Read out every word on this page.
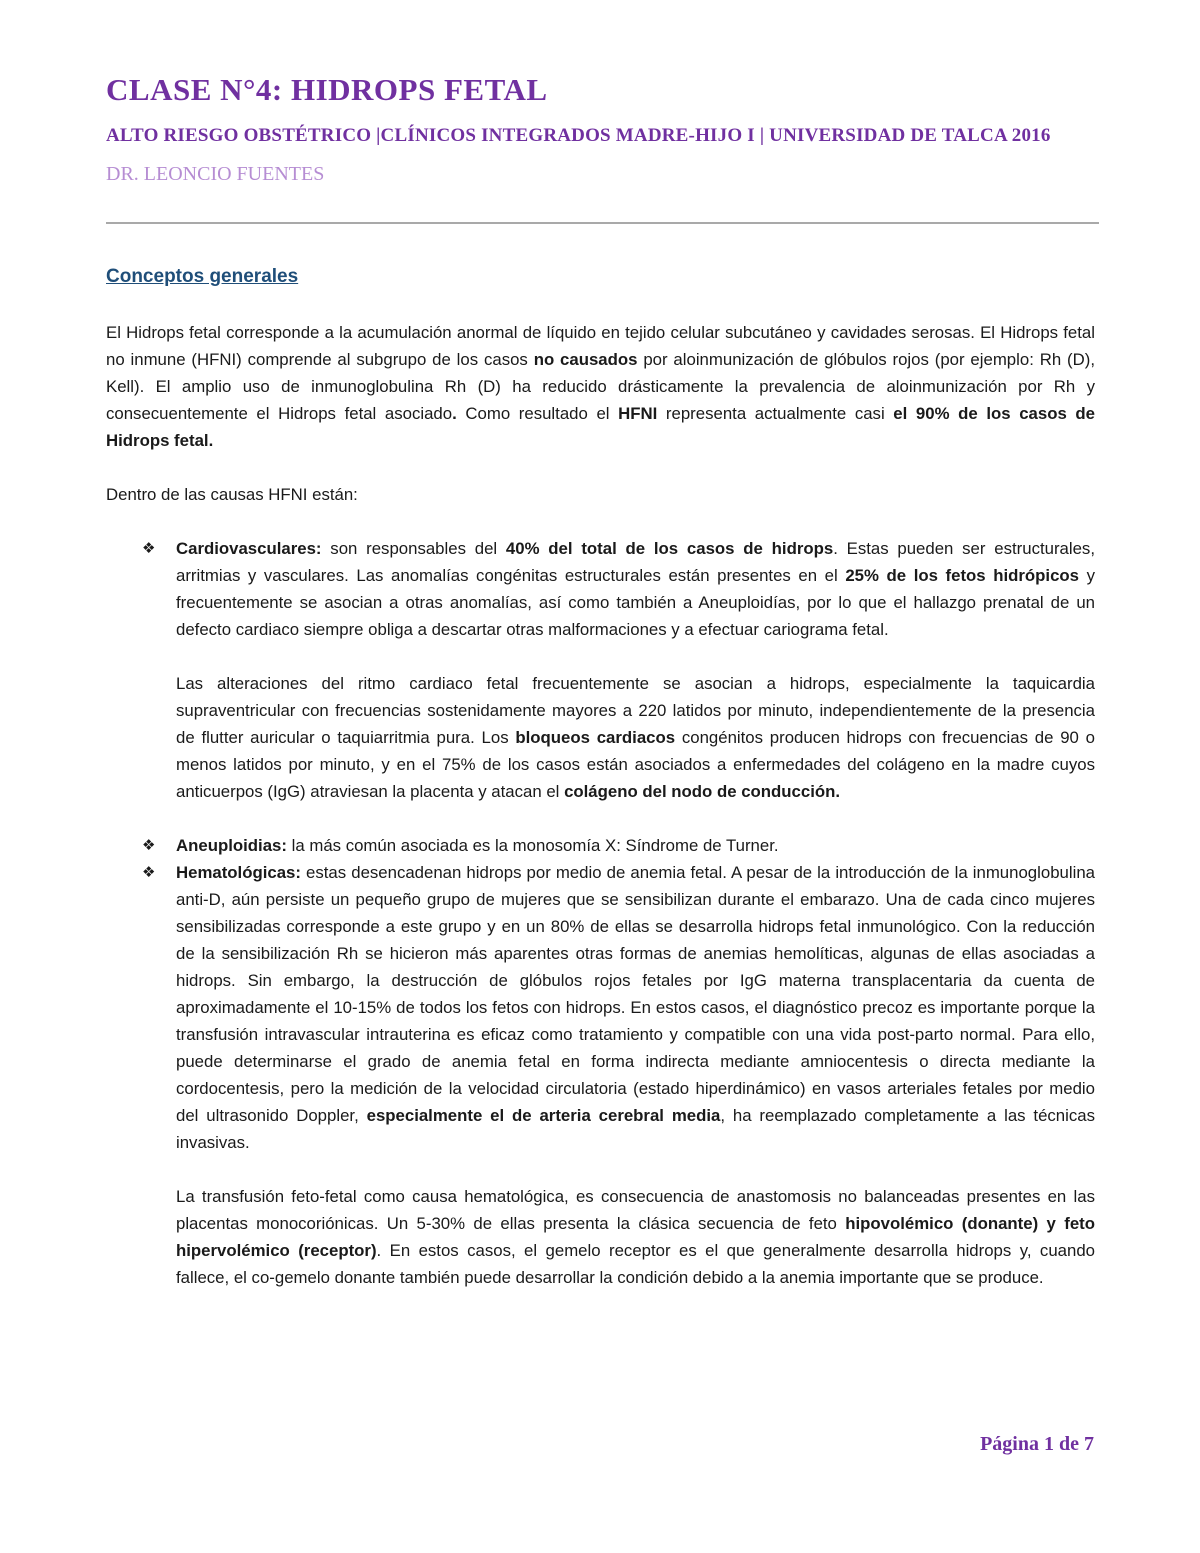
CLASE N°4: HIDROPS FETAL
ALTO RIESGO OBSTÉTRICO |CLÍNICOS INTEGRADOS MADRE-HIJO I | UNIVERSIDAD DE TALCA 2016
DR. LEONCIO FUENTES
Conceptos generales

El Hidrops fetal corresponde a la acumulación anormal de líquido en tejido celular subcutáneo y cavidades serosas. El Hidrops fetal no inmune (HFNI) comprende al subgrupo de los casos no causados por aloinmunización de glóbulos rojos (por ejemplo: Rh (D), Kell). El amplio uso de inmunoglobulina Rh (D) ha reducido drásticamente la prevalencia de aloinmunización por Rh y consecuentemente el Hidrops fetal asociado. Como resultado el HFNI representa actualmente casi el 90% de los casos de Hidrops fetal.

Dentro de las causas HFNI están:

❖ Cardiovasculares: son responsables del 40% del total de los casos de hidrops. Estas pueden ser estructurales, arritmias y vasculares. Las anomalías congénitas estructurales están presentes en el 25% de los fetos hidrópicos y frecuentemente se asocian a otras anomalías, así como también a Aneuploidías, por lo que el hallazgo prenatal de un defecto cardiaco siempre obliga a descartar otras malformaciones y a efectuar cariograma fetal.

Las alteraciones del ritmo cardiaco fetal frecuentemente se asocian a hidrops, especialmente la taquicardia supraventricular con frecuencias sostenidamente mayores a 220 latidos por minuto, independientemente de la presencia de flutter auricular o taquiarritmia pura. Los bloqueos cardiacos congénitos producen hidrops con frecuencias de 90 o menos latidos por minuto, y en el 75% de los casos están asociados a enfermedades del colágeno en la madre cuyos anticuerpos (IgG) atraviesan la placenta y atacan el colágeno del nodo de conducción.

❖ Aneuploidias: la más común asociada es la monosomía X: Síndrome de Turner.
❖ Hematológicas: estas desencadenan hidrops por medio de anemia fetal. A pesar de la introducción de la inmunoglobulina anti-D, aún persiste un pequeño grupo de mujeres que se sensibilizan durante el embarazo. Una de cada cinco mujeres sensibilizadas corresponde a este grupo y en un 80% de ellas se desarrolla hidrops fetal inmunológico. Con la reducción de la sensibilización Rh se hicieron más aparentes otras formas de anemias hemolíticas, algunas de ellas asociadas a hidrops. Sin embargo, la destrucción de glóbulos rojos fetales por IgG materna transplacentaria da cuenta de aproximadamente el 10-15% de todos los fetos con hidrops. En estos casos, el diagnóstico precoz es importante porque la transfusión intravascular intrauterina es eficaz como tratamiento y compatible con una vida post-parto normal. Para ello, puede determinarse el grado de anemia fetal en forma indirecta mediante amniocentesis o directa mediante la cordocentesis, pero la medición de la velocidad circulatoria (estado hiperdinámico) en vasos arteriales fetales por medio del ultrasonido Doppler, especialmente el de arteria cerebral media, ha reemplazado completamente a las técnicas invasivas.

La transfusión feto-fetal como causa hematológica, es consecuencia de anastomosis no balanceadas presentes en las placentas monocoriónicas. Un 5-30% de ellas presenta la clásica secuencia de feto hipovolémico (donante) y feto hipervolémico (receptor). En estos casos, el gemelo receptor es el que generalmente desarrolla hidrops y, cuando fallece, el co-gemelo donante también puede desarrollar la condición debido a la anemia importante que se produce.

Página 1 de 7
